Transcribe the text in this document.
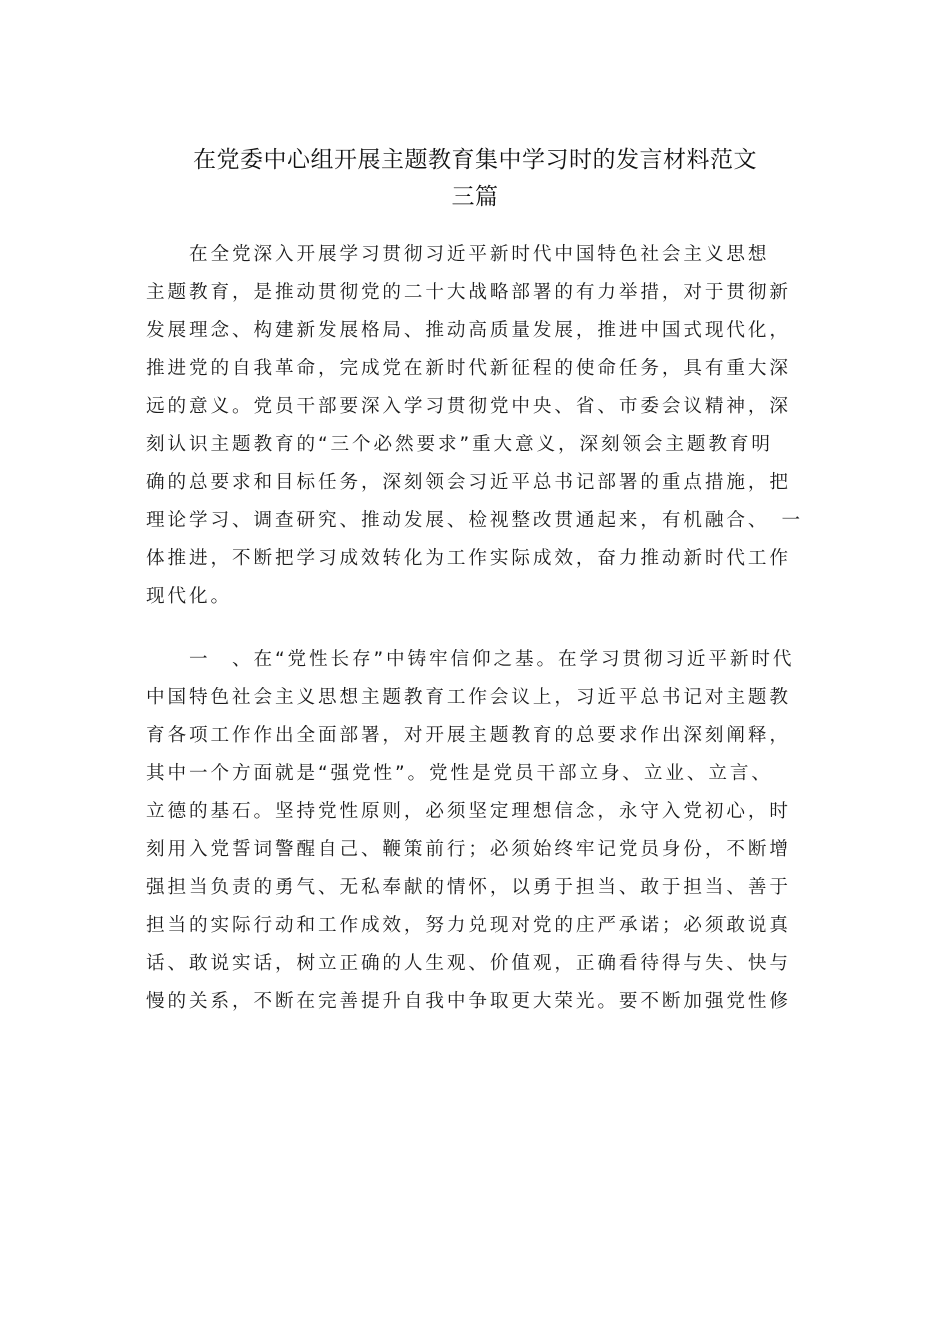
在党委中心组开展主题教育集中学习时的发言材料范文
三篇
　　在全党深入开展学习贯彻习近平新时代中国特色社会主义思想
主题教育，是推动贯彻党的二十大战略部署的有力举措，对于贯彻新
发展理念、构建新发展格局、推动高质量发展，推进中国式现代化，
推进党的自我革命，完成党在新时代新征程的使命任务，具有重大深
远的意义。党员干部要深入学习贯彻党中央、省、市委会议精神，深
刻认识主题教育的“三个必然要求”重大意义，深刻领会主题教育明
确的总要求和目标任务，深刻领会习近平总书记部署的重点措施，把
理论学习、调查研究、推动发展、检视整改贯通起来，有机融合、　一
体推进，不断把学习成效转化为工作实际成效，奋力推动新时代工作
现代化。
　　一　、在“党性长存”中铸牢信仰之基。在学习贯彻习近平新时代
中国特色社会主义思想主题教育工作会议上，习近平总书记对主题教
育各项工作作出全面部署，对开展主题教育的总要求作出深刻阐释，
其中一个方面就是“强党性”。党性是党员干部立身、立业、立言、
立德的基石。坚持党性原则，必须坚定理想信念，永守入党初心，时
刻用入党誓词警醒自己、鞭策前行；必须始终牢记党员身份，不断增
强担当负责的勇气、无私奉献的情怀，以勇于担当、敢于担当、善于
担当的实际行动和工作成效，努力兑现对党的庄严承诺；必须敢说真
话、敢说实话，树立正确的人生观、价值观，正确看待得与失、快与
慢的关系，不断在完善提升自我中争取更大荣光。要不断加强党性修
